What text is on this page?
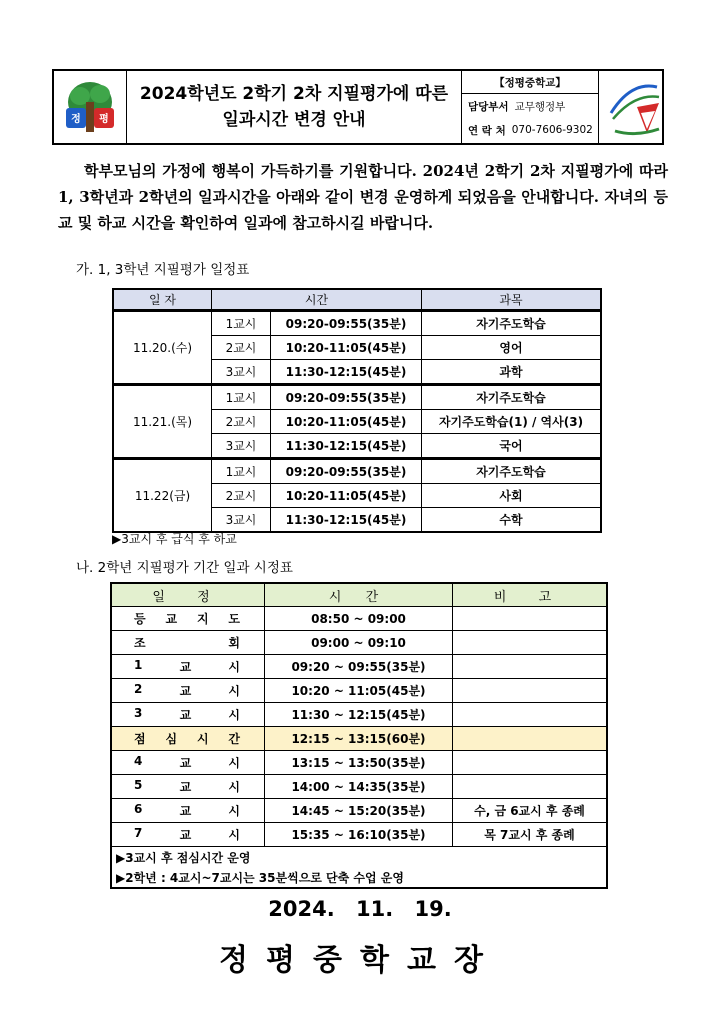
정 평
2024학년도 2학기 2차 지필평가에 따른
일과시간 변경 안내
【정평중학교】
담당부서 교무행정부
연 락 처 070-7606-9302

학부모님의 가정에 행복이 가득하기를 기원합니다. 2024년 2학기 2차 지필평가에 따라 1, 3학년과 2학년의 일과시간을 아래와 같이 변경 운영하게 되었음을 안내합니다. 자녀의 등교 및 하교 시간을 확인하여 일과에 참고하시길 바랍니다.

가. 1, 3학년 지필평가 일정표
일 자	시간		과목
11.20.(수)	1교시	09:20-09:55(35분)	자기주도학습
	2교시	10:20-11:05(45분)	영어
	3교시	11:30-12:15(45분)	과학
11.21.(목)	1교시	09:20-09:55(35분)	자기주도학습
	2교시	10:20-11:05(45분)	자기주도학습(1) / 역사(3)
	3교시	11:30-12:15(45분)	국어
11.22(금)	1교시	09:20-09:55(35분)	자기주도학습
	2교시	10:20-11:05(45분)	사회
	3교시	11:30-12:15(45분)	수학
▶3교시 후 급식 후 하교
나. 2학년 지필평가 기간 일과 시정표
일 정	시 간	비 고

등 교 지 도	08:50 ~ 09:00	

조 회	09:00 ~ 09:10	

1 교 시	09:20 ~ 09:55(35분)	

2 교 시	10:20 ~ 11:05(45분)	

3 교 시	11:30 ~ 12:15(45분)	

점 심 시 간	12:15 ~ 13:15(60분)	

4 교 시	13:15 ~ 13:50(35분)	

5 교 시	14:00 ~ 14:35(35분)	

6 교 시	14:45 ~ 15:20(35분)	수, 금 6교시 후 종례

7 교 시	15:35 ~ 16:10(35분)	목 7교시 후 종례
▶3교시 후 점심시간 운영		
▶2학년 : 4교시~7교시는 35분씩으로 단축 수업 운영		
2024. 11. 19.
정평중학교장
